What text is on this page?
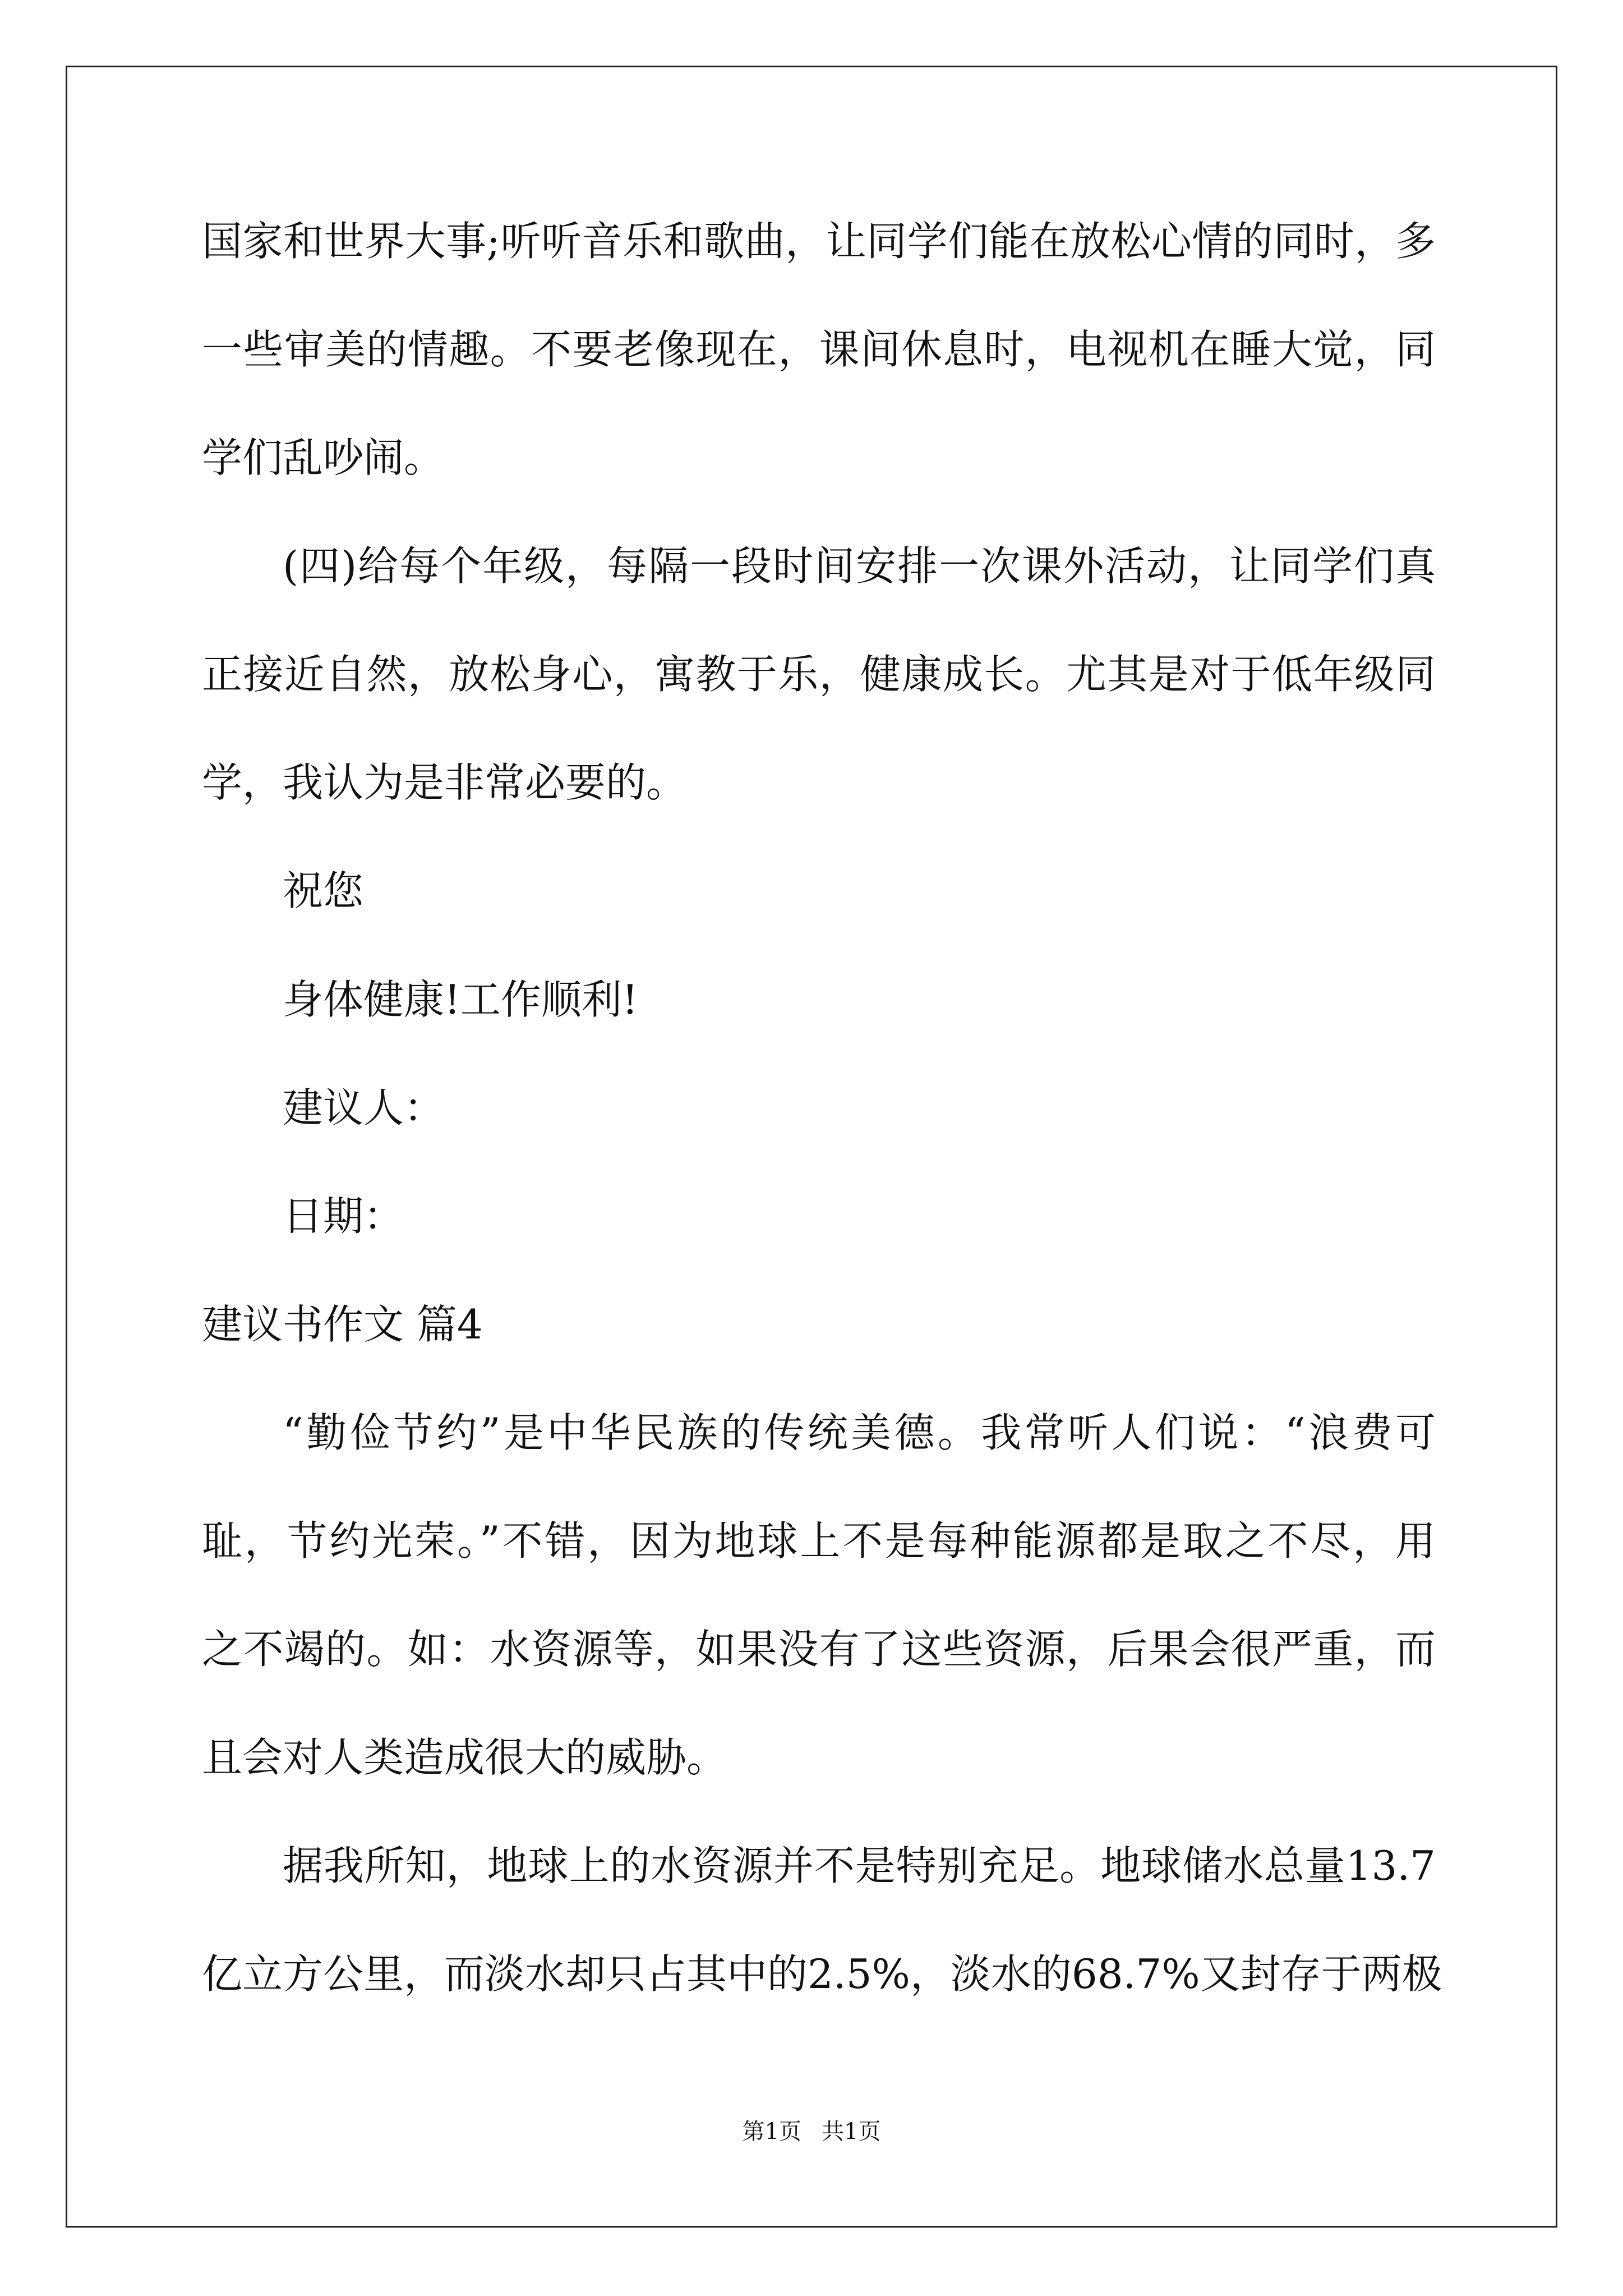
国家和世界大事;听听音乐和歌曲，让同学们能在放松心情的同时，多
一些审美的情趣。不要老像现在，课间休息时，电视机在睡大觉，同
学们乱吵闹。
(四)给每个年级，每隔一段时间安排一次课外活动，让同学们真
正接近自然，放松身心，寓教于乐，健康成长。尤其是对于低年级同
学，我认为是非常必要的。
祝您
身体健康!工作顺利!
建议人：
日期：
建议书作文 篇4
“勤俭节约”是中华民族的传统美德。我常听人们说：“浪费可
耻，节约光荣。”不错，因为地球上不是每种能源都是取之不尽，用
之不竭的。如：水资源等，如果没有了这些资源，后果会很严重，而
且会对人类造成很大的威胁。
据我所知，地球上的水资源并不是特别充足。地球储水总量13.7
亿立方公里，而淡水却只占其中的2.5%，淡水的68.7%又封存于两极
第1页 共1页
